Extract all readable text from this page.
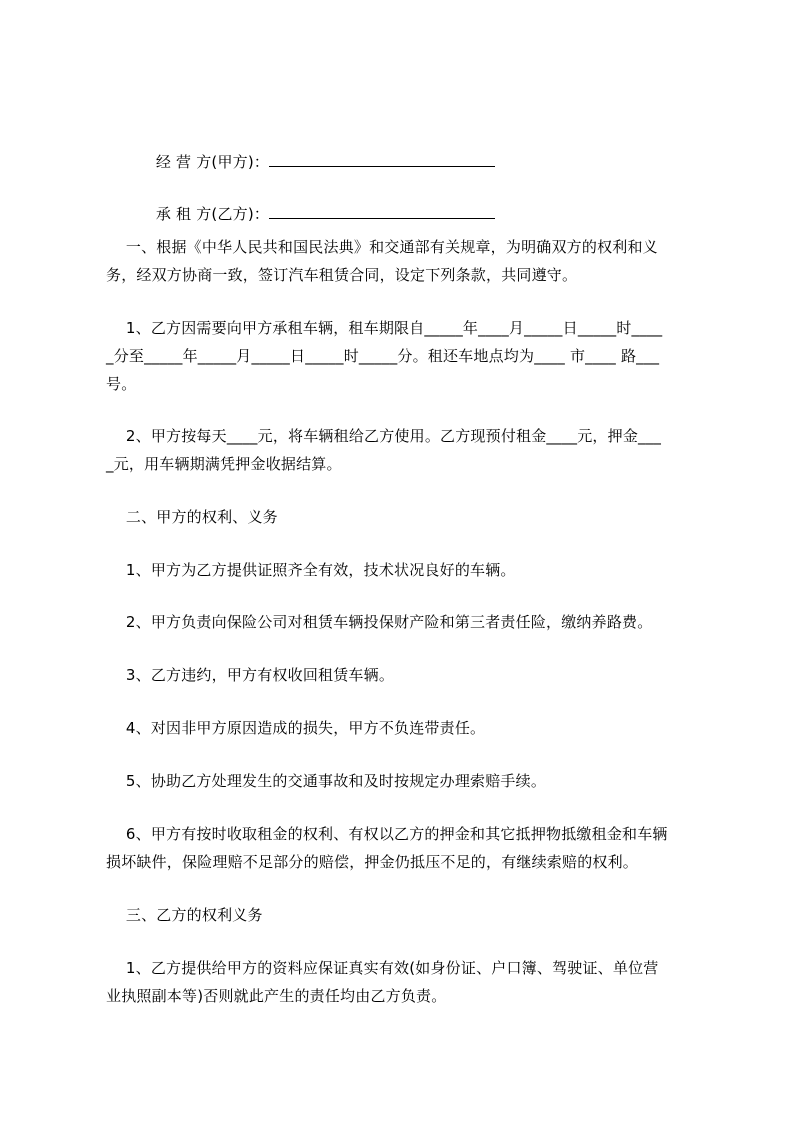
经 营 方(甲方)：

承 租 方(乙方)：

一、根据《中华人民共和国民法典》和交通部有关规章，为明确双方的权利和义
务，经双方协商一致，签订汽车租赁合同，设定下列条款，共同遵守。
1、乙方因需要向甲方承租车辆，租车期限自_____年____月_____日_____时____
_分至_____年_____月_____日_____时_____分。租还车地点均为____ 市____ 路___
号。
2、甲方按每天____元，将车辆租给乙方使用。乙方现预付租金____元，押金___
_元，用车辆期满凭押金收据结算。
二、甲方的权利、义务
1、甲方为乙方提供证照齐全有效，技术状况良好的车辆。
2、甲方负责向保险公司对租赁车辆投保财产险和第三者责任险，缴纳养路费。
3、乙方违约，甲方有权收回租赁车辆。
4、对因非甲方原因造成的损失，甲方不负连带责任。
5、协助乙方处理发生的交通事故和及时按规定办理索赔手续。
6、甲方有按时收取租金的权利、有权以乙方的押金和其它抵押物抵缴租金和车辆
损坏缺件，保险理赔不足部分的赔偿，押金仍抵压不足的，有继续索赔的权利。
三、乙方的权利义务
1、乙方提供给甲方的资料应保证真实有效(如身份证、户口簿、驾驶证、单位营
业执照副本等)否则就此产生的责任均由乙方负责。
